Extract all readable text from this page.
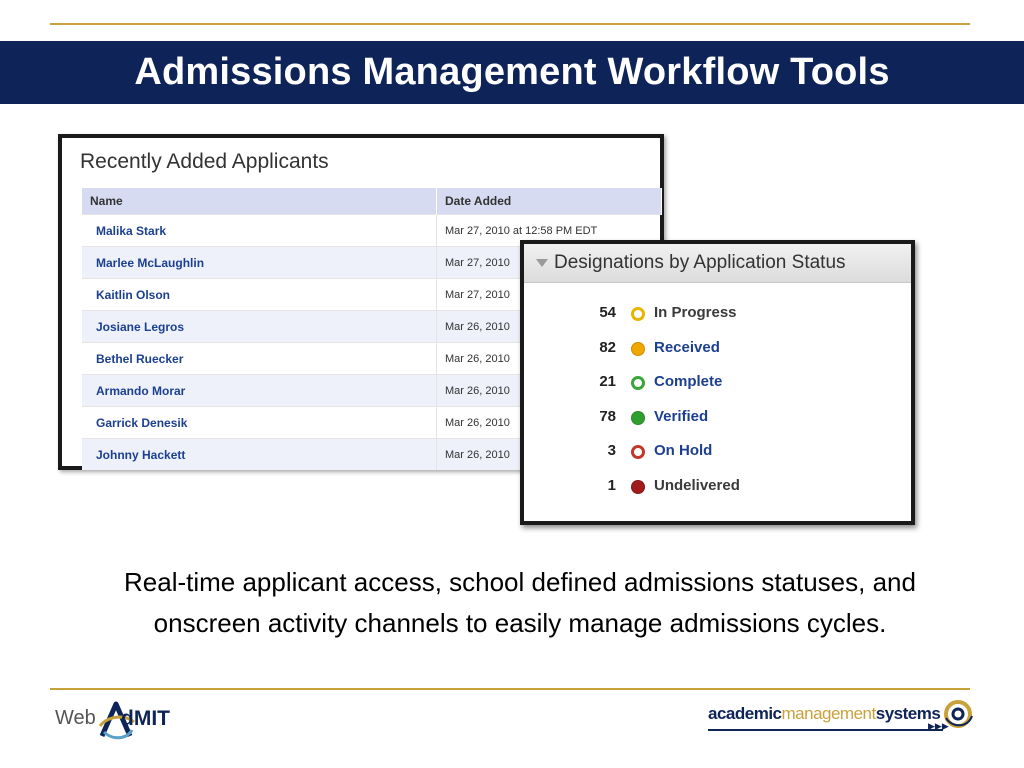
Admissions Management Workflow Tools
Recently Added Applicants
Name	Date Added
Malika Stark	Mar 27, 2010 at 12:58 PM EDT
Marlee McLaughlin	Mar 27, 2010
Kaitlin Olson	Mar 27, 2010
Josiane Legros	Mar 26, 2010
Bethel Ruecker	Mar 26, 2010
Armando Morar	Mar 26, 2010
Garrick Denesik	Mar 26, 2010
Johnny Hackett	Mar 26, 2010
Designations by Application Status
54	In Progress
82	Received
21	Complete
78	Verified
3	On Hold
1	Undelivered
Real-time applicant access, school defined admissions statuses, and onscreen activity channels to easily manage admissions cycles.
Web dMIT	academicmanagementsystems
▶▶▶
